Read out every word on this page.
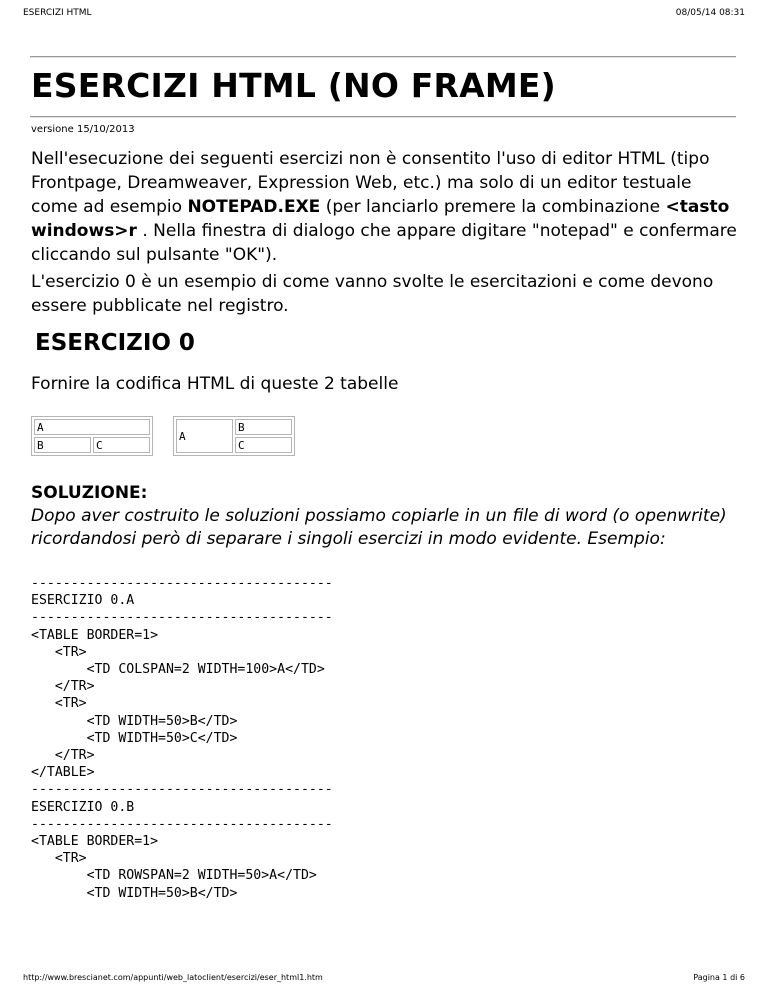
ESERCIZI HTML	08/05/14 08:31
ESERCIZI HTML (NO FRAME)
versione 15/10/2013
Nell'esecuzione dei seguenti esercizi non è consentito l'uso di editor HTML (tipo Frontpage, Dreamweaver, Expression Web, etc.) ma solo di un editor testuale come ad esempio NOTEPAD.EXE (per lanciarlo premere la combinazione <tasto windows>r . Nella finestra di dialogo che appare digitare "notepad" e confermare cliccando sul pulsante "OK").
L'esercizio 0 è un esempio di come vanno svolte le esercitazioni e come devono essere pubblicate nel registro.
ESERCIZIO 0
Fornire la codifica HTML di queste 2 tabelle
A
B	C
A	B
C
SOLUZIONE:
Dopo aver costruito le soluzioni possiamo copiarle in un file di word (o openwrite) ricordandosi però di separare i singoli esercizi in modo evidente. Esempio:
--------------------------------------
ESERCIZIO 0.A
--------------------------------------
<TABLE BORDER=1>
<TR>
<TD COLSPAN=2 WIDTH=100>A</TD>
</TR>
<TR>
<TD WIDTH=50>B</TD>
<TD WIDTH=50>C</TD>
</TR>
</TABLE>
--------------------------------------
ESERCIZIO 0.B
--------------------------------------
<TABLE BORDER=1>
<TR>
<TD ROWSPAN=2 WIDTH=50>A</TD>
<TD WIDTH=50>B</TD>
http://www.brescianet.com/appunti/web_latoclient/esercizi/eser_html1.htm	Pagina 1 di 6
